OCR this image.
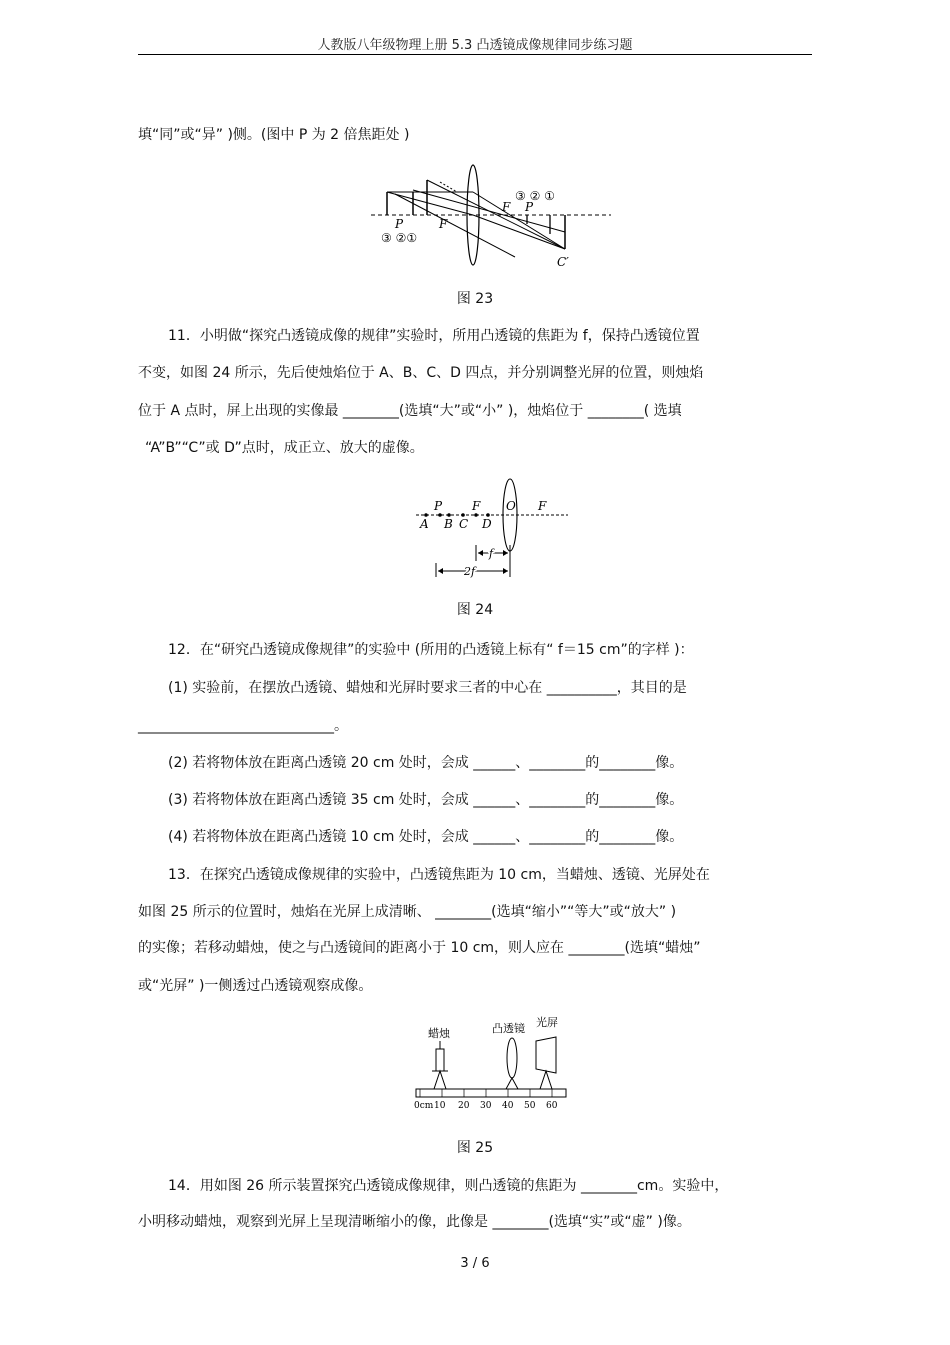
人教版八年级物理上册 5.3 凸透镜成像规律同步练习题
填“同”或“异” )侧。(图中 P 为 2 倍焦距处 )
P	F
F P
C′
③ ②①
③ ② ①
图 23
11．小明做“探究凸透镜成像的规律”实验时，所用凸透镜的焦距为 f，保持凸透镜位置
不变，如图 24 所示，先后使烛焰位于 A、B、C、D 四点，并分别调整光屏的位置，则烛焰
位于 A 点时，屏上出现的实像最 ________(选填“大”或“小” )，烛焰位于 ________( 选填
“A”B”“C”或 D”点时，成正立、放大的虚像。
P F O F
A B C D
f
2f
图 24
12．在“研究凸透镜成像规律”的实验中 (所用的凸透镜上标有“ f＝15 cm”的字样 )：
(1) 实验前，在摆放凸透镜、蜡烛和光屏时要求三者的中心在 __________，其目的是
____________________________。
(2) 若将物体放在距离凸透镜 20 cm 处时，会成 ______、________的________像。
(3) 若将物体放在距离凸透镜 35 cm 处时，会成 ______、________的________像。
(4) 若将物体放在距离凸透镜 10 cm 处时，会成 ______、________的________像。
13．在探究凸透镜成像规律的实验中，凸透镜焦距为 10 cm，当蜡烛、透镜、光屏处在
如图 25 所示的位置时，烛焰在光屏上成清晰、 ________(选填“缩小”“等大”或“放大” )
的实像；若移动蜡烛，使之与凸透镜间的距离小于 10 cm，则人应在 ________(选填“蜡烛”
或“光屏” )一侧透过凸透镜观察成像。
蜡烛	凸透镜 光屏
0cm 10 20 30 40 50 60
图 25
14．用如图 26 所示装置探究凸透镜成像规律，则凸透镜的焦距为 ________cm。实验中，
小明移动蜡烛，观察到光屏上呈现清晰缩小的像，此像是 ________(选填“实”或“虚” )像。
3 / 6
